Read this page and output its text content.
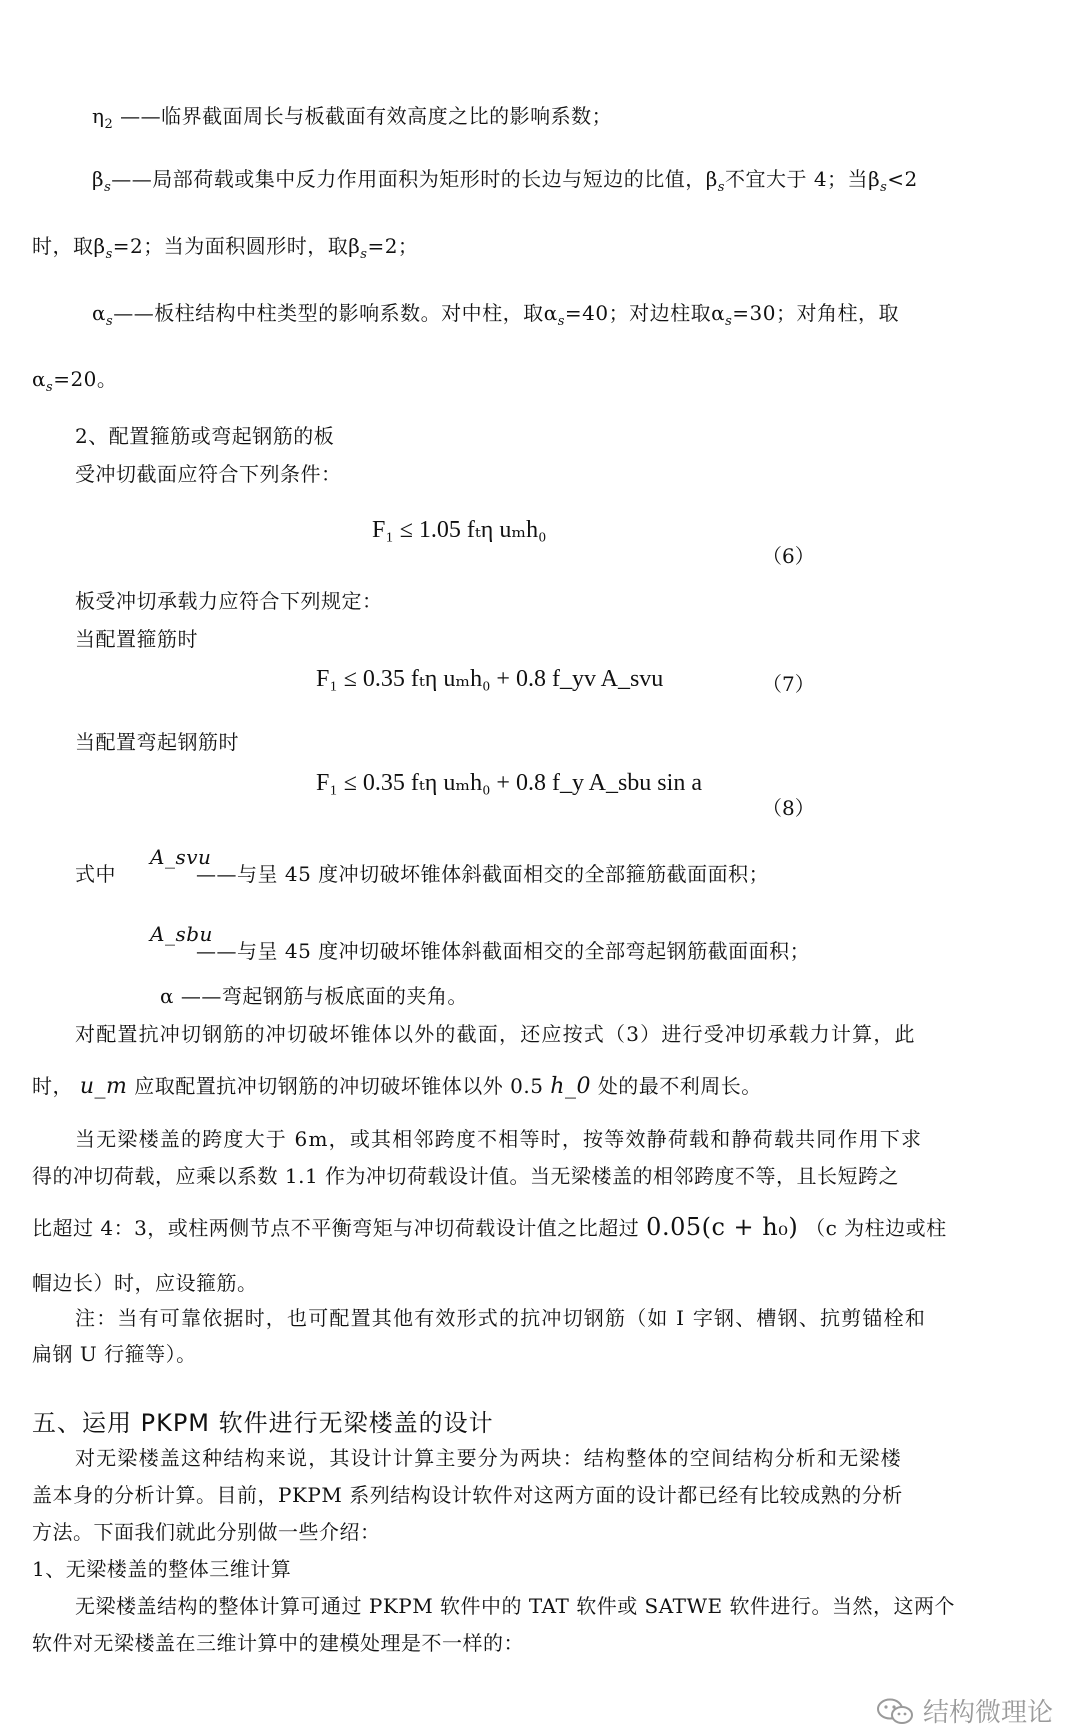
$\eta_2$ ——临界截面周长与板截面有效高度之比的影响系数；
$\beta_s——$局部荷载或集中反力作用面积为矩形时的长边与短边的比值，$\beta_s$不宜大于 4；当$\beta_s<2$
时，取$\beta_s=2$；当为面积圆形时，取$\beta_s=2$；
$\alpha_s——$板柱结构中柱类型的影响系数。对中柱，取$\alpha_s=40$；对边柱取$\alpha_s=30$；对角柱，取
$\alpha_s=20$。
2、配置箍筋或弯起钢筋的板
受冲切截面应符合下列条件：
F₁ ≤ 1.05 fₜη uₘh₀
（6）
板受冲切承载力应符合下列规定：
当配置箍筋时
F₁ ≤ 0.35 fₜη uₘh₀ + 0.8 f_yv A_svu	（7）
当配置弯起钢筋时
F₁ ≤ 0.35 fₜη uₘh₀ + 0.8 f_y A_sbu sin a
（8）
式中
A_svu
——与呈 45 度冲切破坏锥体斜截面相交的全部箍筋截面面积；
A_sbu
——与呈 45 度冲切破坏锥体斜截面相交的全部弯起钢筋截面面积；
α ——弯起钢筋与板底面的夹角。
对配置抗冲切钢筋的冲切破坏锥体以外的截面，还应按式（3）进行受冲切承载力计算，此
时， u_m 应取配置抗冲切钢筋的冲切破坏锥体以外 0.5 h_0 处的最不利周长。
当无梁楼盖的跨度大于 6m，或其相邻跨度不相等时，按等效静荷载和静荷载共同作用下求
得的冲切荷载，应乘以系数 1.1 作为冲切荷载设计值。当无梁楼盖的相邻跨度不等，且长短跨之
比超过 4：3，或柱两侧节点不平衡弯矩与冲切荷载设计值之比超过 0.05(c + h₀) （c 为柱边或柱
帽边长）时，应设箍筋。
注：当有可靠依据时，也可配置其他有效形式的抗冲切钢筋（如 I 字钢、槽钢、抗剪锚栓和
扁钢 U 行箍等）。
五、运用 PKPM 软件进行无梁楼盖的设计
对无梁楼盖这种结构来说，其设计计算主要分为两块：结构整体的空间结构分析和无梁楼
盖本身的分析计算。目前，PKPM 系列结构设计软件对这两方面的设计都已经有比较成熟的分析
方法。下面我们就此分别做一些介绍：
1、无梁楼盖的整体三维计算
无梁楼盖结构的整体计算可通过 PKPM 软件中的 TAT 软件或 SATWE 软件进行。当然，这两个
软件对无梁楼盖在三维计算中的建模处理是不一样的：
结构微理论
